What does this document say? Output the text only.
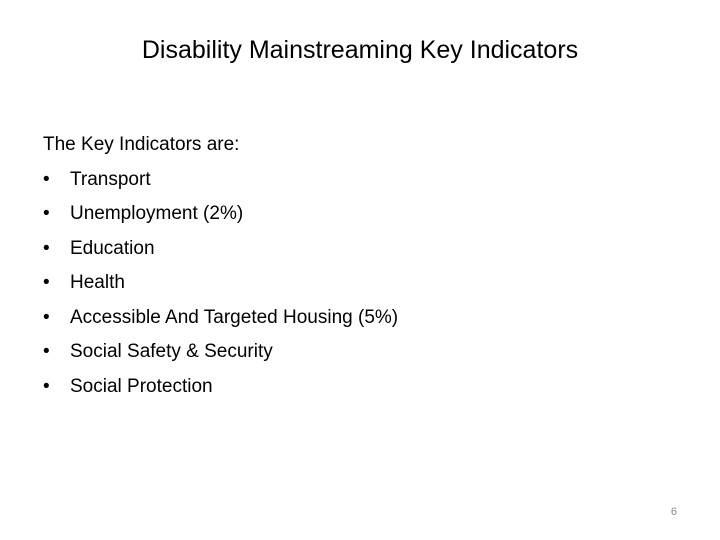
Disability Mainstreaming Key Indicators
The Key Indicators are:
• Transport
• Unemployment (2%)
• Education
• Health
• Accessible And Targeted Housing (5%)
• Social Safety & Security
• Social Protection
6
